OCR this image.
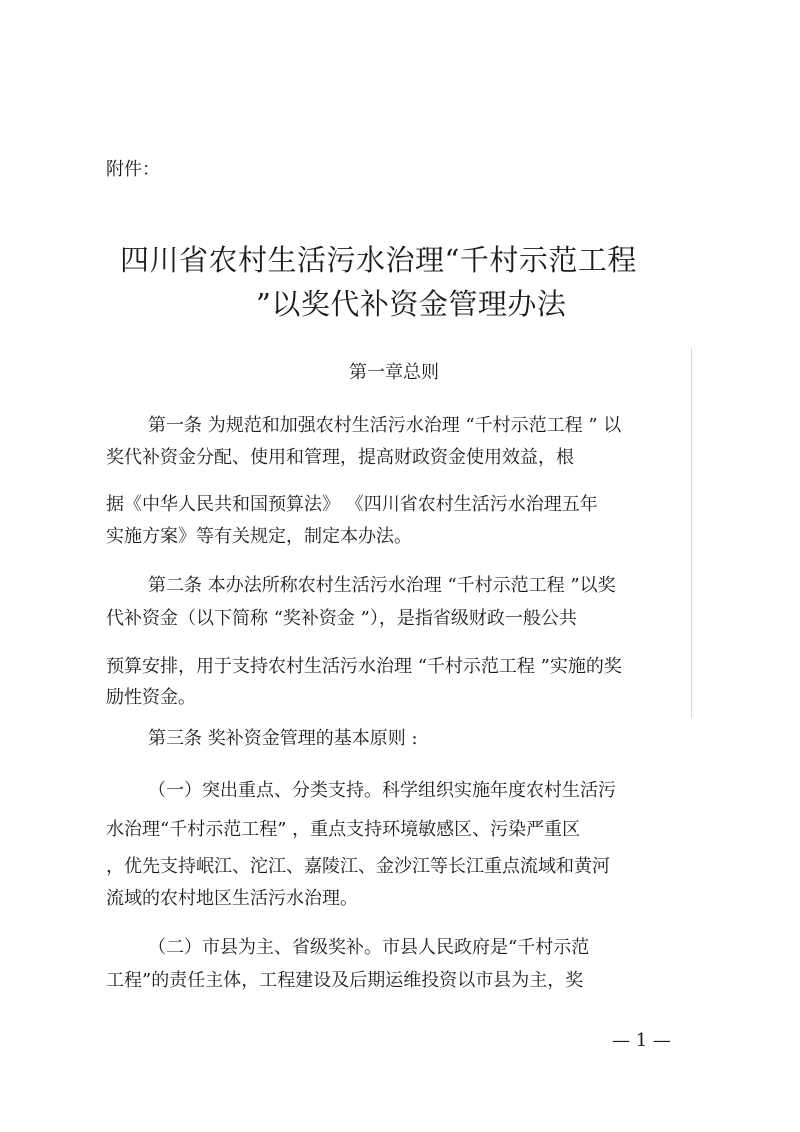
附件：

四川省农村生活污水治理“千村示范工程
”以奖代补资金管理办法
第一章总则

第一条 为规范和加强农村生活污水治理 “千村示范工程 ” 以

奖代补资金分配、使用和管理，提高财政资金使用效益，根

据《中华人民共和国预算法》 《四川省农村生活污水治理五年

实施方案》等有关规定，制定本办法。

第二条 本办法所称农村生活污水治理 “千村示范工程 ”以奖

代补资金（以下简称 “奖补资金 ”），是指省级财政一般公共

预算安排，用于支持农村生活污水治理 “千村示范工程 ”实施的奖

励性资金。

第三条 奖补资金管理的基本原则 :

（一）突出重点、分类支持。科学组织实施年度农村生活污

水治理“千村示范工程” ，重点支持环境敏感区、污染严重区

，优先支持岷江、沱江、嘉陵江、金沙江等长江重点流域和黄河

流域的农村地区生活污水治理。

（二）市县为主、省级奖补。市县人民政府是“千村示范

工程”的责任主体，工程建设及后期运维投资以市县为主，奖

— 1 —
